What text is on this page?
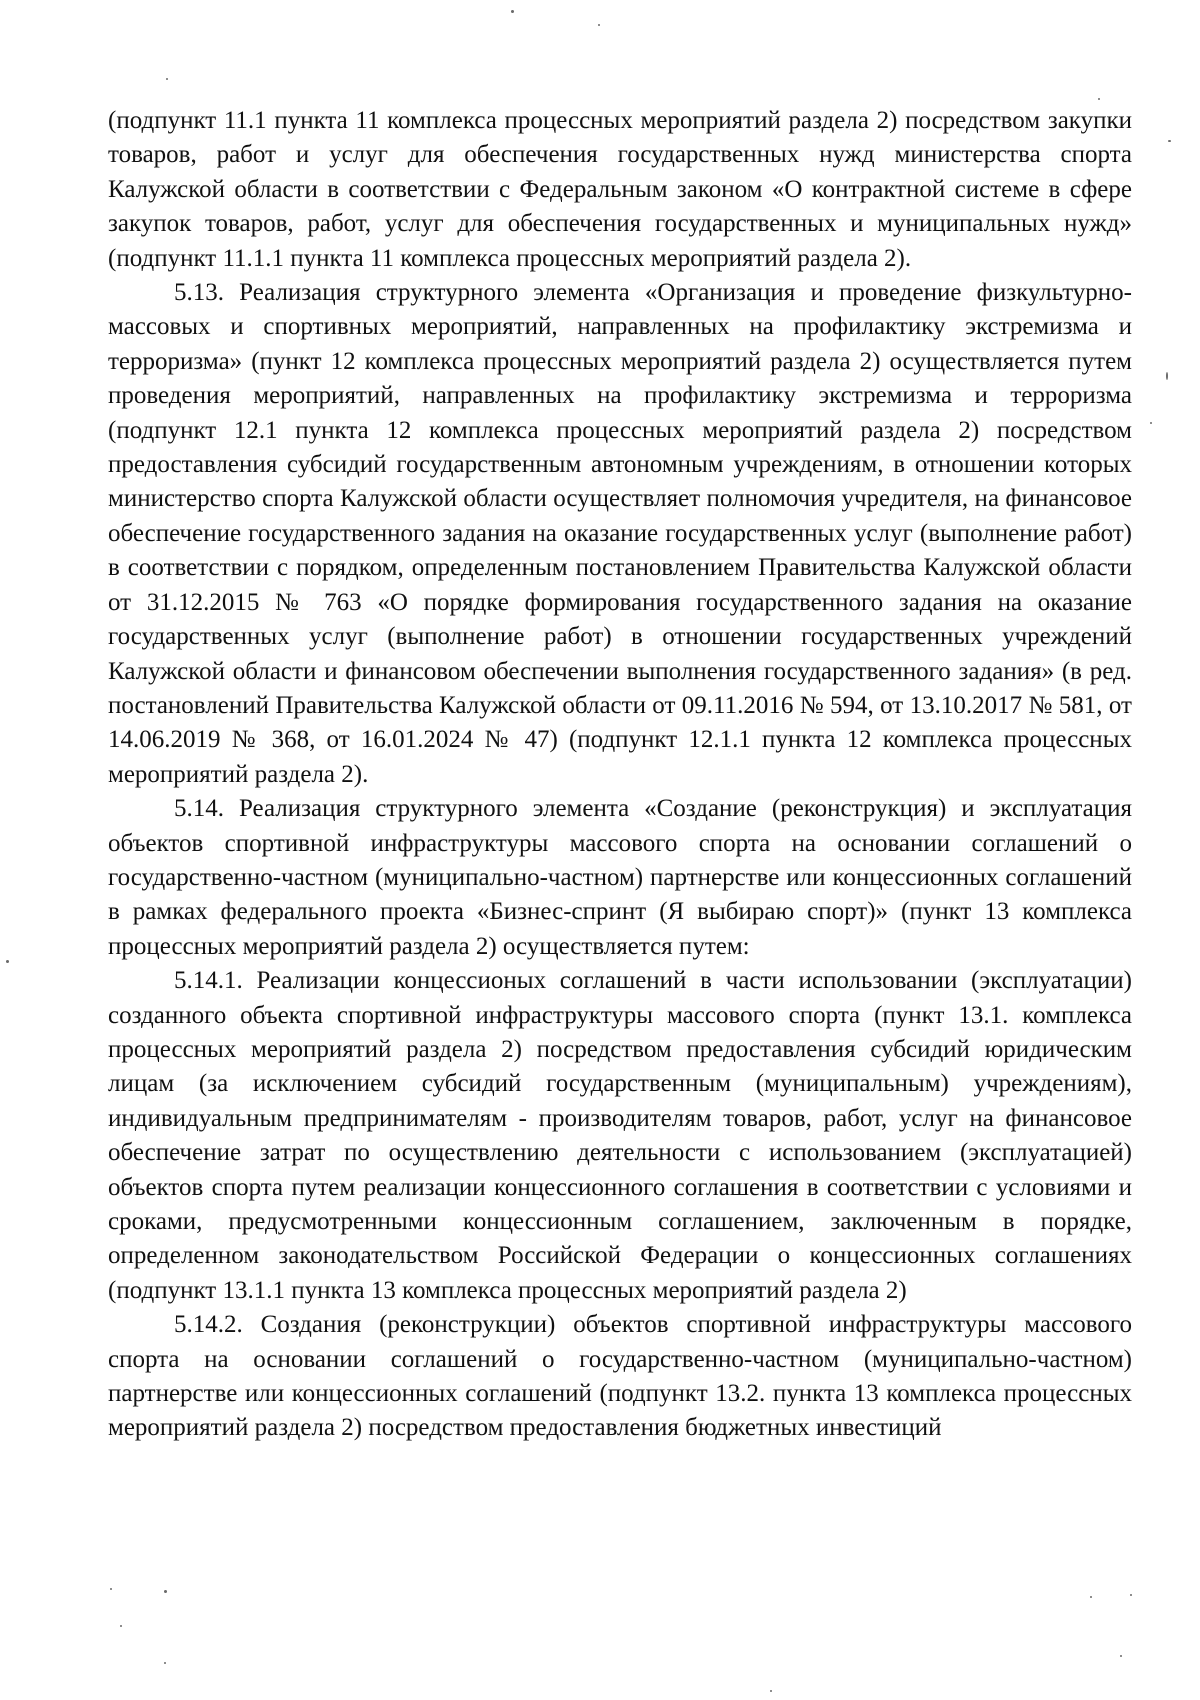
(подпункт 11.1 пункта 11 комплекса процессных мероприятий раздела 2) посредством закупки товаров, работ и услуг для обеспечения государственных нужд министерства спорта Калужской области в соответствии с Федеральным законом «О контрактной системе в сфере закупок товаров, работ, услуг для обеспечения государственных и муниципальных нужд» (подпункт 11.1.1 пункта 11 комплекса процессных мероприятий раздела 2).

5.13. Реализация структурного элемента «Организация и проведение физкультурно-массовых и спортивных мероприятий, направленных на профилактику экстремизма и терроризма» (пункт 12 комплекса процессных мероприятий раздела 2) осуществляется путем проведения мероприятий, направленных на профилактику экстремизма и терроризма (подпункт 12.1 пункта 12 комплекса процессных мероприятий раздела 2) посредством предоставления субсидий государственным автономным учреждениям, в отношении которых министерство спорта Калужской области осуществляет полномочия учредителя, на финансовое обеспечение государственного задания на оказание государственных услуг (выполнение работ) в соответствии с порядком, определенным постановлением Правительства Калужской области от 31.12.2015 № 763 «О порядке формирования государственного задания на оказание государственных услуг (выполнение работ) в отношении государственных учреждений Калужской области и финансовом обеспечении выполнения государственного задания» (в ред. постановлений Правительства Калужской области от 09.11.2016 № 594, от 13.10.2017 № 581, от 14.06.2019 № 368, от 16.01.2024 № 47) (подпункт 12.1.1 пункта 12 комплекса процессных мероприятий раздела 2).

5.14. Реализация структурного элемента «Создание (реконструкция) и эксплуатация объектов спортивной инфраструктуры массового спорта на основании соглашений о государственно-частном (муниципально-частном) партнерстве или концессионных соглашений в рамках федерального проекта «Бизнес-спринт (Я выбираю спорт)» (пункт 13 комплекса процессных мероприятий раздела 2) осуществляется путем:

5.14.1. Реализации концессионых соглашений в части использовании (эксплуатации) созданного объекта спортивной инфраструктуры массового спорта (пункт 13.1. комплекса процессных мероприятий раздела 2) посредством предоставления субсидий юридическим лицам (за исключением субсидий государственным (муниципальным) учреждениям), индивидуальным предпринимателям - производителям товаров, работ, услуг на финансовое обеспечение затрат по осуществлению деятельности с использованием (эксплуатацией) объектов спорта путем реализации концессионного соглашения в соответствии с условиями и сроками, предусмотренными концессионным соглашением, заключенным в порядке, определенном законодательством Российской Федерации о концессионных соглашениях (подпункт 13.1.1 пункта 13 комплекса процессных мероприятий раздела 2)

5.14.2. Создания (реконструкции) объектов спортивной инфраструктуры массового спорта на основании соглашений о государственно-частном (муниципально-частном) партнерстве или концессионных соглашений (подпункт 13.2. пункта 13 комплекса процессных мероприятий раздела 2) посредством предоставления бюджетных инвестиций
